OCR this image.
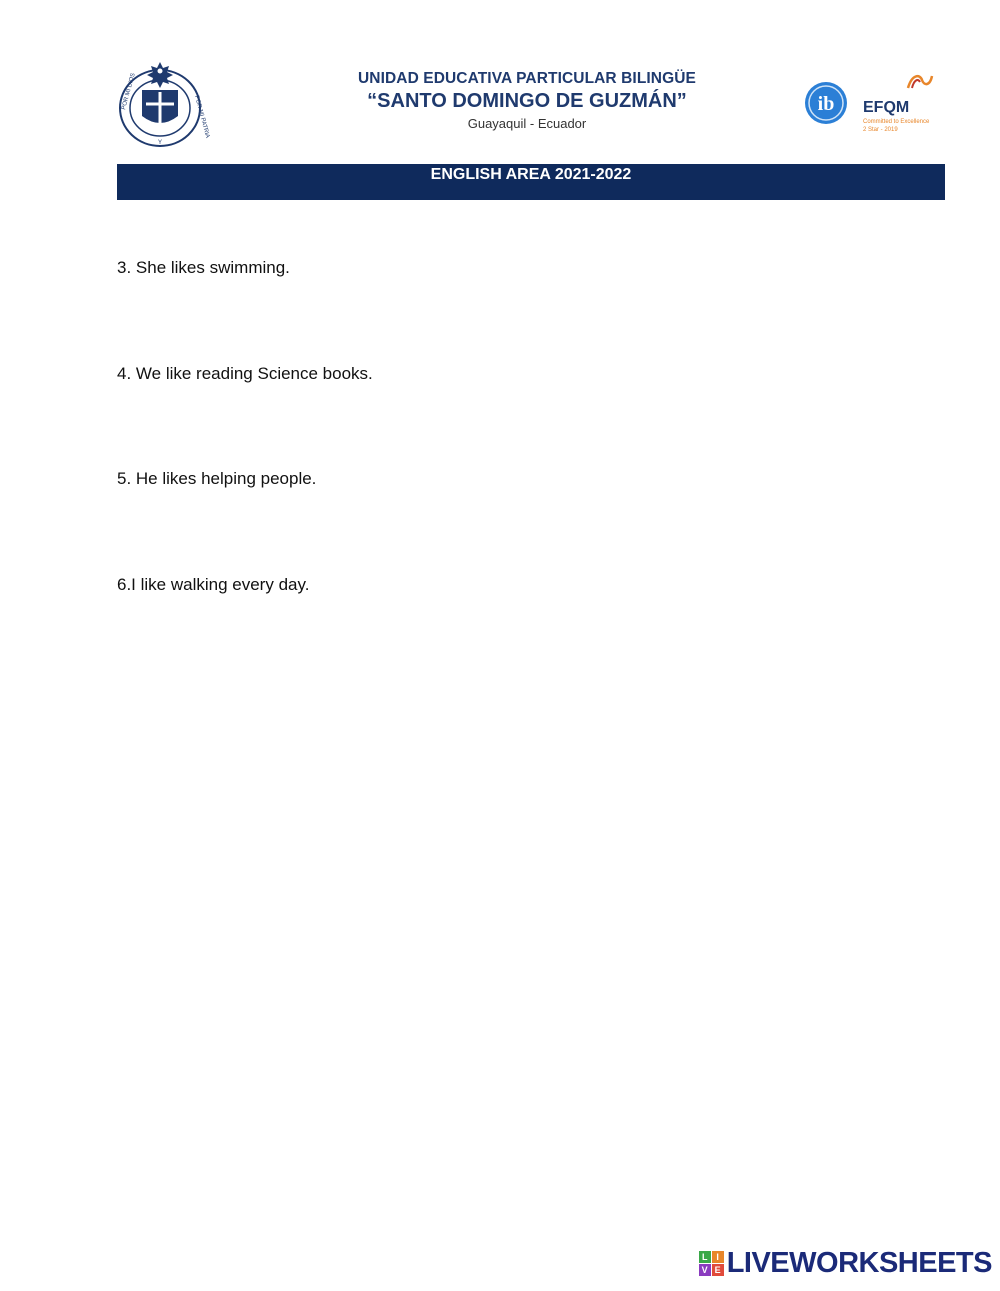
POR MI DIOS
POR MI PATRIA
Y
UNIDAD EDUCATIVA PARTICULAR BILINGÜE
“SANTO DOMINGO DE GUZMÁN”
Guayaquil - Ecuador
ib EFQM
Committed to Excellence
2 Star - 2019
ENGLISH AREA 2021-2022
3. She likes swimming.
4. We like reading Science books.
5. He likes helping people.
6.I like walking every day.
L I
V E LIVEWORKSHEETS
